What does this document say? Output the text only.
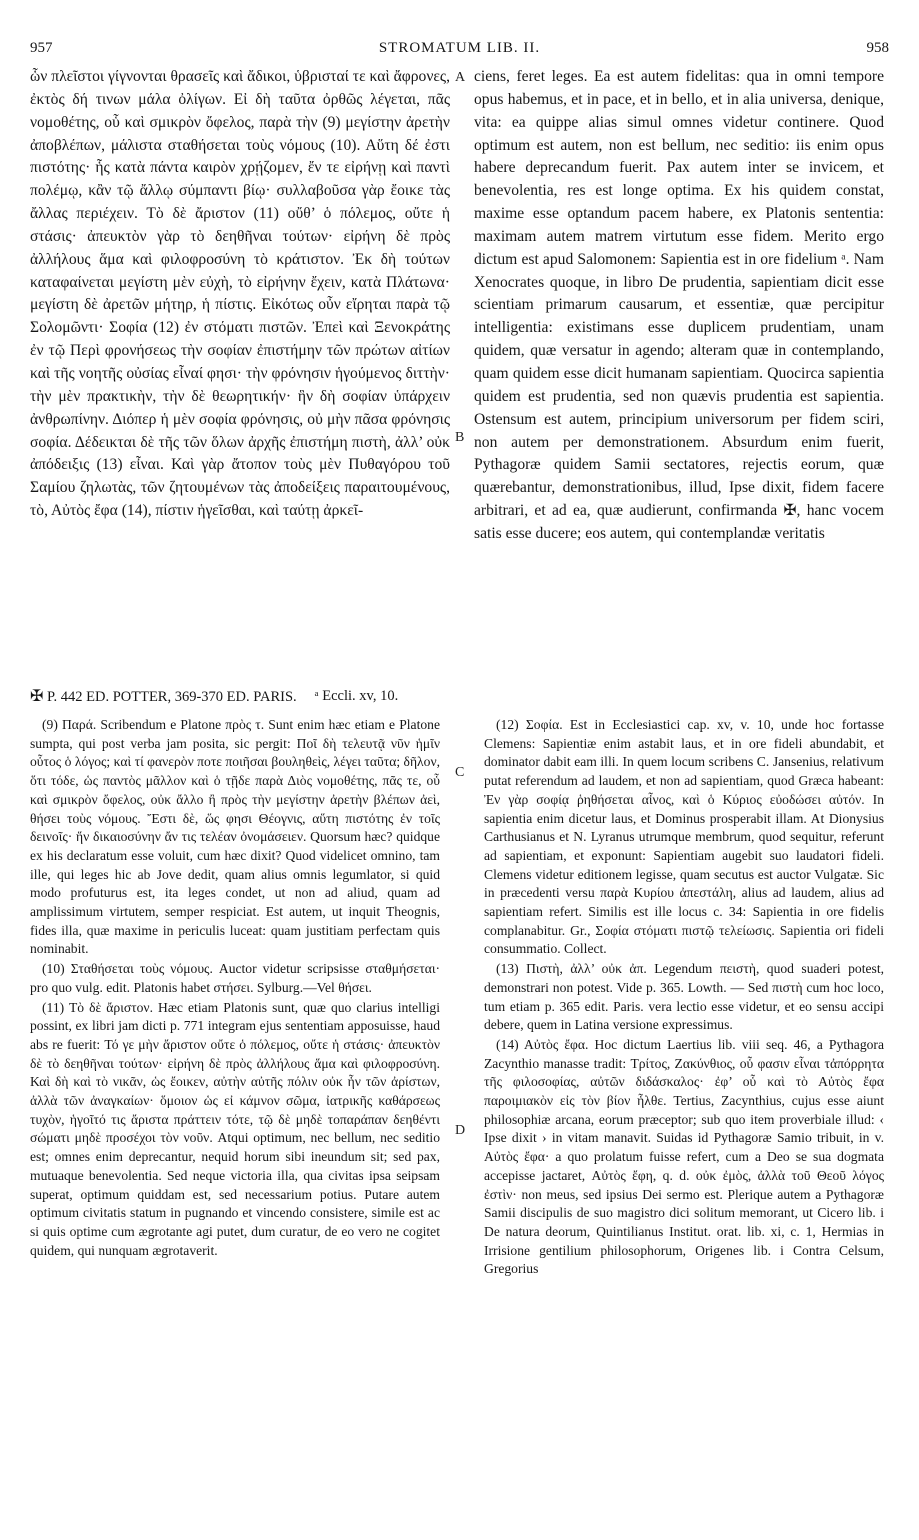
957	STROMATUM LIB. II.	958

ὧν πλεῖστοι γίγνονται θρασεῖς καὶ ἄδικοι, ὑβρισταί τε καὶ ἄφρονες, ἐκτὸς δή τινων μάλα ὀλίγων. Εἰ δὴ ταῦτα ὀρθῶς λέγεται, πᾶς νομοθέτης, οὗ καὶ σμικρὸν ὄφελος, παρὰ τὴν (9) μεγίστην ἀρετὴν ἀποβλέπων, μάλιστα σταθήσεται τοὺς νόμους (10). Αὕτη δέ ἐστι πιστότης· ἧς κατὰ πάντα καιρὸν χρῄζομεν, ἔν τε εἰρήνῃ καὶ παντὶ πολέμῳ, κἂν τῷ ἄλλῳ σύμπαντι βίῳ· συλλαβοῦσα γὰρ ἔοικε τὰς ἄλλας περιέχειν. Τὸ δὲ ἄριστον (11) οὔθ’ ὁ πόλεμος, οὔτε ἡ στάσις· ἀπευκτὸν γὰρ τὸ δεηθῆναι τούτων· εἰρήνη δὲ πρὸς ἀλλήλους ἅμα καὶ φιλοφροσύνη τὸ κράτιστον. Ἐκ δὴ τούτων καταφαίνεται μεγίστη μὲν εὐχὴ, τὸ εἰρήνην ἔχειν, κατὰ Πλάτωνα· μεγίστη δὲ ἀρετῶν μήτηρ, ἡ πίστις. Εἰκότως οὖν εἴρηται παρὰ τῷ Σολομῶντι· Σοφία (12) ἐν στόματι πιστῶν. Ἐπεὶ καὶ Ξενοκράτης ἐν τῷ Περὶ φρονήσεως τὴν σοφίαν ἐπιστήμην τῶν πρώτων αἰτίων καὶ τῆς νοητῆς οὐσίας εἶναί φησι· τὴν φρόνησιν ἡγούμενος διττὴν· τὴν μὲν πρακτικὴν, τὴν δὲ θεωρητικήν· ἣν δὴ σοφίαν ὑπάρχειν ἀνθρωπίνην. Διόπερ ἡ μὲν σοφία φρόνησις, οὐ μὴν πᾶσα φρόνησις σοφία. Δέδεικται δὲ τῆς τῶν ὅλων ἀρχῆς ἐπιστήμη πιστὴ, ἀλλ’ οὐκ ἀπόδειξις (13) εἶναι. Καὶ γὰρ ἄτοπον τοὺς μὲν Πυθαγόρου τοῦ Σαμίου ζηλωτὰς, τῶν ζητουμένων τὰς ἀποδείξεις παραιτουμένους, τὸ, Αὐτὸς ἔφα (14), πίστιν ἡγεῖσθαι, καὶ ταύτῃ ἀρκεῖ-

ciens, feret leges. Ea est autem fidelitas: qua in omni tempore opus habemus, et in pace, et in bello, et in alia universa, denique, vita: ea quippe alias simul omnes videtur continere. Quod optimum est autem, non est bellum, nec seditio: iis enim opus habere deprecandum fuerit. Pax autem inter se invicem, et benevolentia, res est longe optima. Ex his quidem constat, maxime esse optandum pacem habere, ex Platonis sententia: maximam autem matrem virtutum esse fidem. Merito ergo dictum est apud Salomonem: Sapientia est in ore fidelium ᵃ. Nam Xenocrates quoque, in libro De prudentia, sapientiam dicit esse scientiam primarum causarum, et essentiæ, quæ percipitur intelligentia: existimans esse duplicem prudentiam, unam quidem, quæ versatur in agendo; alteram quæ in contemplando, quam quidem esse dicit humanam sapientiam. Quocirca sapientia quidem est prudentia, sed non quævis prudentia est sapientia. Ostensum est autem, principium universorum per fidem sciri, non autem per demonstrationem. Absurdum enim fuerit, Pythagoræ quidem Samii sectatores, rejectis eorum, quæ quærebantur, demonstrationibus, illud, Ipse dixit, fidem facere arbitrari, et ad ea, quæ audierunt, confirmanda ✠, hanc vocem satis esse ducere; eos autem, qui contemplandæ veritatis

A
B
C
D
✠ P. 442 ED. POTTER, 369-370 ED. PARIS. ᵃ Eccli. xv, 10.

(9) Παρά. Scribendum e Platone πρὸς τ. Sunt enim hæc etiam e Platone sumpta, qui post verba jam posita, sic pergit: Ποῖ δὴ τελευτᾷ νῦν ἡμῖν οὗτος ὁ λόγος; καὶ τί φανερὸν ποτε ποιῆσαι βουληθεὶς, λέγει ταῦτα; δῆλον, ὅτι τόδε, ὡς παντὸς μᾶλλον καὶ ὁ τῇδε παρὰ Διὸς νομοθέτης, πᾶς τε, οὗ καὶ σμικρὸν ὄφελος, οὐκ ἄλλο ἢ πρὸς τὴν μεγίστην ἀρετὴν βλέπων ἀεὶ, θήσει τοὺς νόμους. Ἔστι δὲ, ὥς φησι Θέογνις, αὕτη πιστότης ἐν τοῖς δεινοῖς· ἥν δικαιοσύνην ἄν τις τελέαν ὀνομάσειεν. Quorsum hæc? quidque ex his declaratum esse voluit, cum hæc dixit? Quod videlicet omnino, tam ille, qui leges hic ab Jove dedit, quam alius omnis legumlator, si quid modo profuturus est, ita leges condet, ut non ad aliud, quam ad amplissimum virtutem, semper respiciat. Est autem, ut inquit Theognis, fides illa, quæ maxime in periculis luceat: quam justitiam perfectam quis nominabit.

(10) Σταθήσεται τοὺς νόμους. Auctor videtur scripsisse σταθμήσεται· pro quo vulg. edit. Platonis habet στήσει. Sylburg.—Vel θήσει.

(11) Τὸ δὲ ἄριστον. Hæc etiam Platonis sunt, quæ quo clarius intelligi possint, ex libri jam dicti p. 771 integram ejus sententiam apposuisse, haud abs re fuerit: Τό γε μὴν ἄριστον οὔτε ὁ πόλεμος, οὔτε ἡ στάσις· ἀπευκτὸν δὲ τὸ δεηθῆναι τούτων· εἰρήνη δὲ πρὸς ἀλλήλους ἅμα καὶ φιλοφροσύνη. Καὶ δὴ καὶ τὸ νικᾶν, ὡς ἔοικεν, αὐτὴν αὐτῆς πόλιν οὐκ ἦν τῶν ἀρίστων, ἀλλὰ τῶν ἀναγκαίων· ὅμοιον ὡς εἰ κάμνον σῶμα, ἰατρικῆς καθάρσεως τυχὸν, ἡγοῖτό τις ἄριστα πράττειν τότε, τῷ δὲ μηδὲ τοπαράπαν δεηθέντι σώματι μηδὲ προσέχοι τὸν νοῦν. Atqui optimum, nec bellum, nec seditio est; omnes enim deprecantur, nequid horum sibi ineundum sit; sed pax, mutuaque benevolentia. Sed neque victoria illa, qua civitas ipsa seipsam superat, optimum quiddam est, sed necessarium potius. Putare autem optimum civitatis statum in pugnando et vincendo consistere, simile est ac si quis optime cum ægrotante agi putet, dum curatur, de eo vero ne cogitet quidem, qui nunquam ægrotaverit.

(12) Σοφία. Est in Ecclesiastici cap. xv, v. 10, unde hoc fortasse Clemens: Sapientiæ enim astabit laus, et in ore fideli abundabit, et dominator dabit eam illi. In quem locum scribens C. Jansenius, relativum putat referendum ad laudem, et non ad sapientiam, quod Græca habeant: Ἐν γὰρ σοφίᾳ ῥηθήσεται αἶνος, καὶ ὁ Κύριος εὐοδώσει αὐτόν. In sapientia enim dicetur laus, et Dominus prosperabit illam. At Dionysius Carthusianus et N. Lyranus utrumque membrum, quod sequitur, referunt ad sapientiam, et exponunt: Sapientiam augebit suo laudatori fideli. Clemens videtur editionem legisse, quam secutus est auctor Vulgatæ. Sic in præcedenti versu παρὰ Κυρίου ἀπεστάλη, alius ad laudem, alius ad sapientiam refert. Similis est ille locus c. 34: Sapientia in ore fidelis complanabitur. Gr., Σοφία στόματι πιστῷ τελείωσις. Sapientia ori fideli consummatio. Collect.

(13) Πιστὴ, ἀλλ’ οὐκ ἀπ. Legendum πειστὴ, quod suaderi potest, demonstrari non potest. Vide p. 365. Lowth. — Sed πιστὴ cum hoc loco, tum etiam p. 365 edit. Paris. vera lectio esse videtur, et eo sensu accipi debere, quem in Latina versione expressimus.

(14) Αὐτὸς ἔφα. Hoc dictum Laertius lib. viii seq. 46, a Pythagora Zacynthio manasse tradit: Τρίτος, Ζακύνθιος, οὗ φασιν εἶναι τἀπόρρητα τῆς φιλοσοφίας, αὐτῶν διδάσκαλος· ἐφ’ οὗ καὶ τὸ Αὐτὸς ἔφα παροιμιακὸν εἰς τὸν βίον ἦλθε. Tertius, Zacynthius, cujus esse aiunt philosophiæ arcana, eorum præceptor; sub quo item proverbiale illud: ‹ Ipse dixit › in vitam manavit. Suidas id Pythagoræ Samio tribuit, in v. Αὐτὸς ἔφα· a quo prolatum fuisse refert, cum a Deo se sua dogmata accepisse jactaret, Αὐτὸς ἔφη, q. d. οὐκ ἐμὸς, ἀλλὰ τοῦ Θεοῦ λόγος ἐστὶν· non meus, sed ipsius Dei sermo est. Plerique autem a Pythagoræ Samii discipulis de suo magistro dici solitum memorant, ut Cicero lib. i De natura deorum, Quintilianus Institut. orat. lib. xi, c. 1, Hermias in Irrisione gentilium philosophorum, Origenes lib. i Contra Celsum, Gregorius
